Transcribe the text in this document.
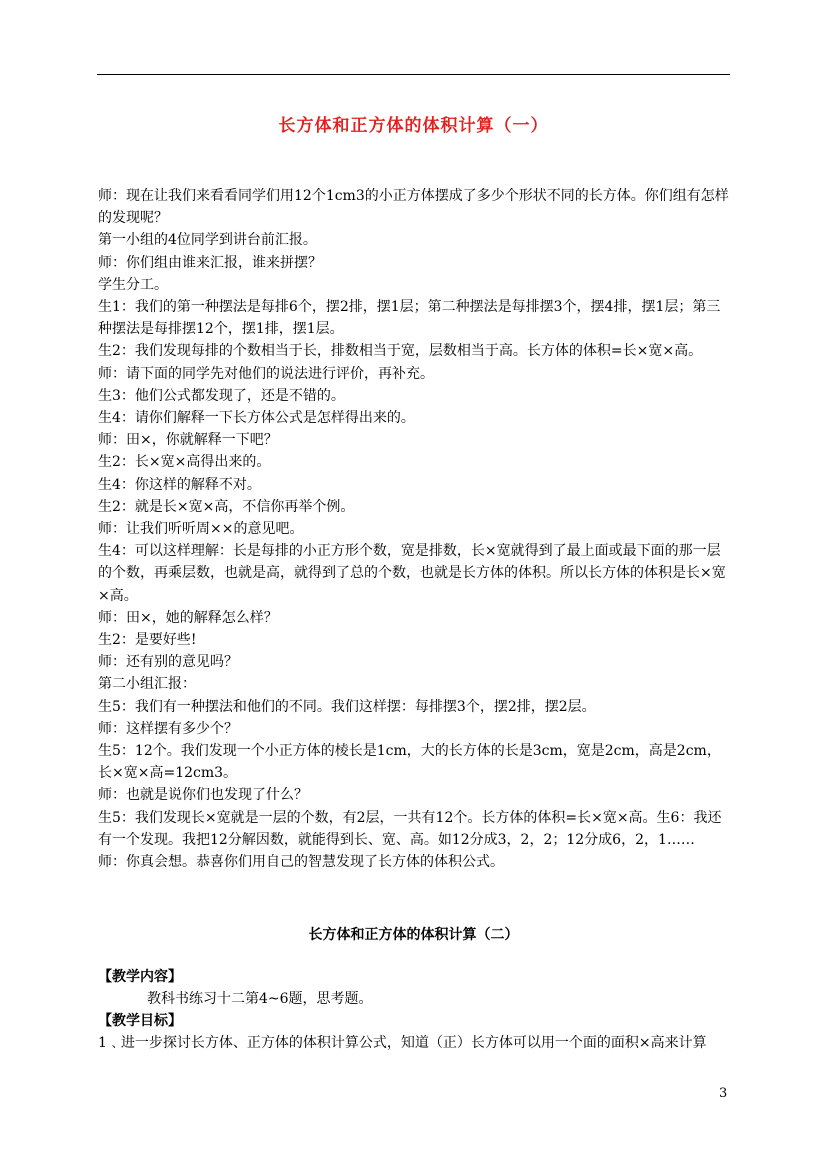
长方体和正方体的体积计算（一）

师：现在让我们来看看同学们用12个1cm3的小正方体摆成了多少个形状不同的长方体。你们组有怎样的发现呢？

第一小组的4位同学到讲台前汇报。

师：你们组由谁来汇报，谁来拼摆？

学生分工。

生1：我们的第一种摆法是每排6个，摆2排，摆1层；第二种摆法是每排摆3个，摆4排，摆1层；第三种摆法是每排摆12个，摆1排，摆1层。

生2：我们发现每排的个数相当于长，排数相当于宽，层数相当于高。长方体的体积=长×宽×高。

师：请下面的同学先对他们的说法进行评价，再补充。

生3：他们公式都发现了，还是不错的。

生4：请你们解释一下长方体公式是怎样得出来的。

师：田×，你就解释一下吧？

生2：长×宽×高得出来的。

生4：你这样的解释不对。

生2：就是长×宽×高，不信你再举个例。

师：让我们听听周××的意见吧。

生4：可以这样理解：长是每排的小正方形个数，宽是排数，长×宽就得到了最上面或最下面的那一层的个数，再乘层数，也就是高，就得到了总的个数，也就是长方体的体积。所以长方体的体积是长×宽×高。

师：田×，她的解释怎么样？

生2：是要好些!

师：还有别的意见吗？

第二小组汇报：

生5：我们有一种摆法和他们的不同。我们这样摆：每排摆3个，摆2排，摆2层。

师：这样摆有多少个？

生5：12个。我们发现一个小正方体的棱长是1cm，大的长方体的长是3cm，宽是2cm，高是2cm，长×宽×高=12cm3。

师：也就是说你们也发现了什么？

生5：我们发现长×宽就是一层的个数，有2层，一共有12个。长方体的体积=长×宽×高。生6：我还有一个发现。我把12分解因数，就能得到长、宽、高。如12分成3，2，2；12分成6，2，1……

师：你真会想。恭喜你们用自己的智慧发现了长方体的体积公式。

长方体和正方体的体积计算（二）

【教学内容】

教科书练习十二第4~6题，思考题。

【教学目标】

1﹑进一步探讨长方体、正方体的体积计算公式，知道（正）长方体可以用一个面的面积×高来计算

3
